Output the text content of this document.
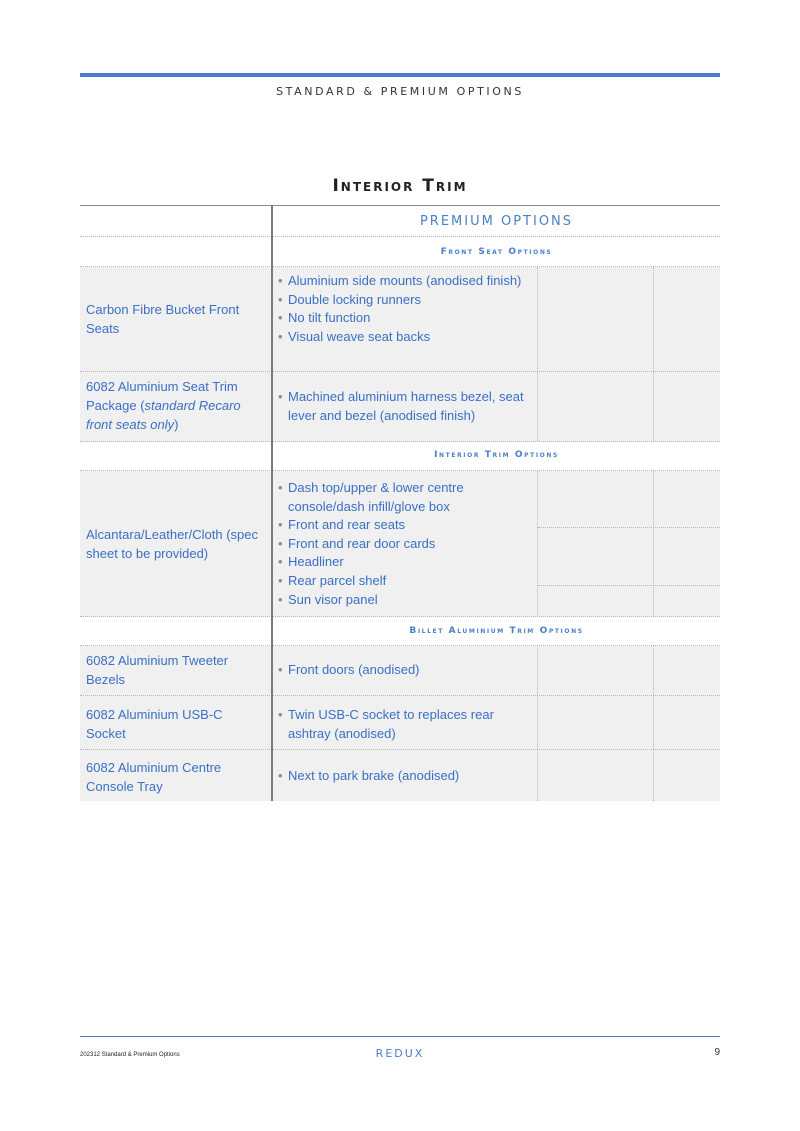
STANDARD & PREMIUM OPTIONS
Interior Trim
PREMIUM OPTIONS
Front Seat Options
Carbon Fibre Bucket Front Seats
• Aluminium side mounts (anodised finish)
• Double locking runners
• No tilt function
• Visual weave seat backs
6082 Aluminium Seat Trim Package (standard Recaro front seats only)
• Machined aluminium harness bezel, seat lever and bezel (anodised finish)
Interior Trim Options
Alcantara/Leather/Cloth (spec sheet to be provided)
• Dash top/upper & lower centre console/dash infill/glove box
• Front and rear seats
• Front and rear door cards
• Headliner
• Rear parcel shelf
• Sun visor panel
Billet Aluminium Trim Options
6082 Aluminium Tweeter Bezels
• Front doors (anodised)
6082 Aluminium USB-C Socket
• Twin USB-C socket to replaces rear ashtray (anodised)
6082 Aluminium Centre Console Tray
• Next to park brake (anodised)
202312 Standard & Premium Options	REDUX	9
